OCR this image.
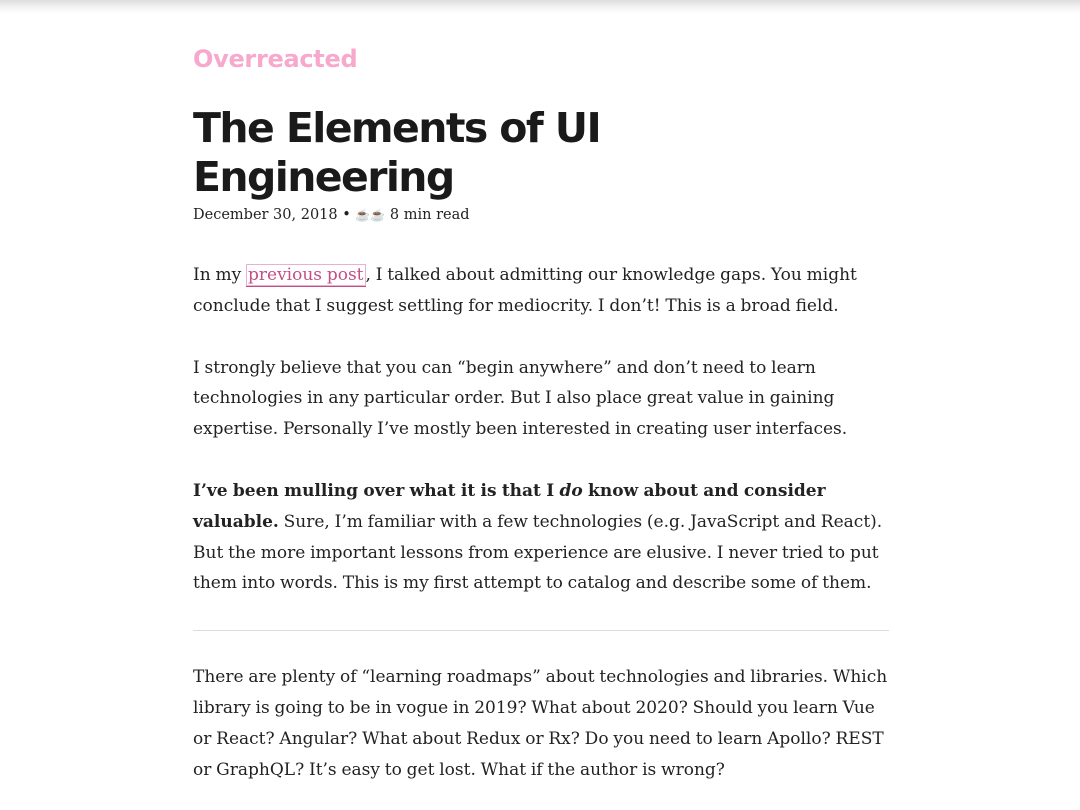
Overreacted
The Elements of UI Engineering

December 30, 2018 • ☕☕ 8 min read

In my previous post , I talked about admitting our knowledge gaps. You might conclude that I suggest settling for mediocrity. I don’t! This is a broad field.

I strongly believe that you can “begin anywhere” and don’t need to learn technologies in any particular order. But I also place great value in gaining expertise. Personally I’ve mostly been interested in creating user interfaces.

I’ve been mulling over what it is that I do know about and consider valuable. Sure, I’m familiar with a few technologies (e.g. JavaScript and React). But the more important lessons from experience are elusive. I never tried to put them into words. This is my first attempt to catalog and describe some of them.

There are plenty of “learning roadmaps” about technologies and libraries. Which library is going to be in vogue in 2019? What about 2020? Should you learn Vue or React? Angular? What about Redux or Rx? Do you need to learn Apollo? REST or GraphQL? It’s easy to get lost. What if the author is wrong?
